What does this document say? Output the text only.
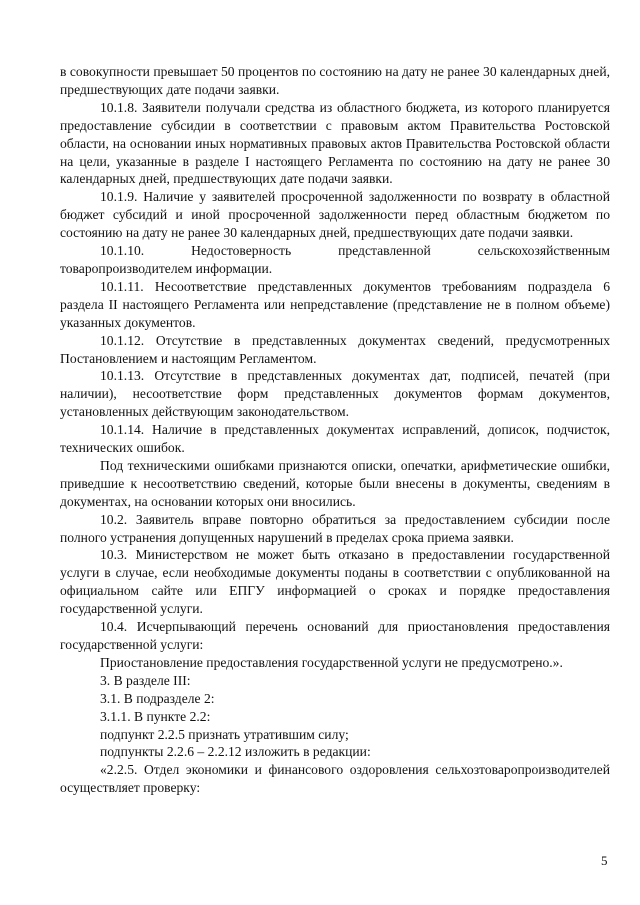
в совокупности превышает 50 процентов по состоянию на дату не ранее 30 календарных дней, предшествующих дате подачи заявки.

10.1.8. Заявители получали средства из областного бюджета, из которого планируется предоставление субсидии в соответствии с правовым актом Правительства Ростовской области, на основании иных нормативных правовых актов Правительства Ростовской области на цели, указанные в разделе I настоящего Регламента по состоянию на дату не ранее 30 календарных дней, предшествующих дате подачи заявки.

10.1.9. Наличие у заявителей просроченной задолженности по возврату в областной бюджет субсидий и иной просроченной задолженности перед областным бюджетом по состоянию на дату не ранее 30 календарных дней, предшествующих дате подачи заявки.

10.1.10. Недостоверность представленной сельскохозяйственным товаропроизводителем информации.

10.1.11. Несоответствие представленных документов требованиям подраздела 6 раздела II настоящего Регламента или непредставление (представление не в полном объеме) указанных документов.

10.1.12. Отсутствие в представленных документах сведений, предусмотренных Постановлением и настоящим Регламентом.

10.1.13. Отсутствие в представленных документах дат, подписей, печатей (при наличии), несоответствие форм представленных документов формам документов, установленных действующим законодательством.

10.1.14. Наличие в представленных документах исправлений, дописок, подчисток, технических ошибок.

Под техническими ошибками признаются описки, опечатки, арифметические ошибки, приведшие к несоответствию сведений, которые были внесены в документы, сведениям в документах, на основании которых они вносились.

10.2. Заявитель вправе повторно обратиться за предоставлением субсидии после полного устранения допущенных нарушений в пределах срока приема заявки.

10.3. Министерством не может быть отказано в предоставлении государственной услуги в случае, если необходимые документы поданы в соответствии с опубликованной на официальном сайте или ЕПГУ информацией о сроках и порядке предоставления государственной услуги.

10.4. Исчерпывающий перечень оснований для приостановления предоставления государственной услуги:

Приостановление предоставления государственной услуги не предусмотрено.».

3. В разделе III:

3.1. В подразделе 2:

3.1.1. В пункте 2.2:

подпункт 2.2.5 признать утратившим силу;

подпункты 2.2.6 – 2.2.12 изложить в редакции:

«2.2.5. Отдел экономики и финансового оздоровления сельхозтоваропроизводителей осуществляет проверку:

5
